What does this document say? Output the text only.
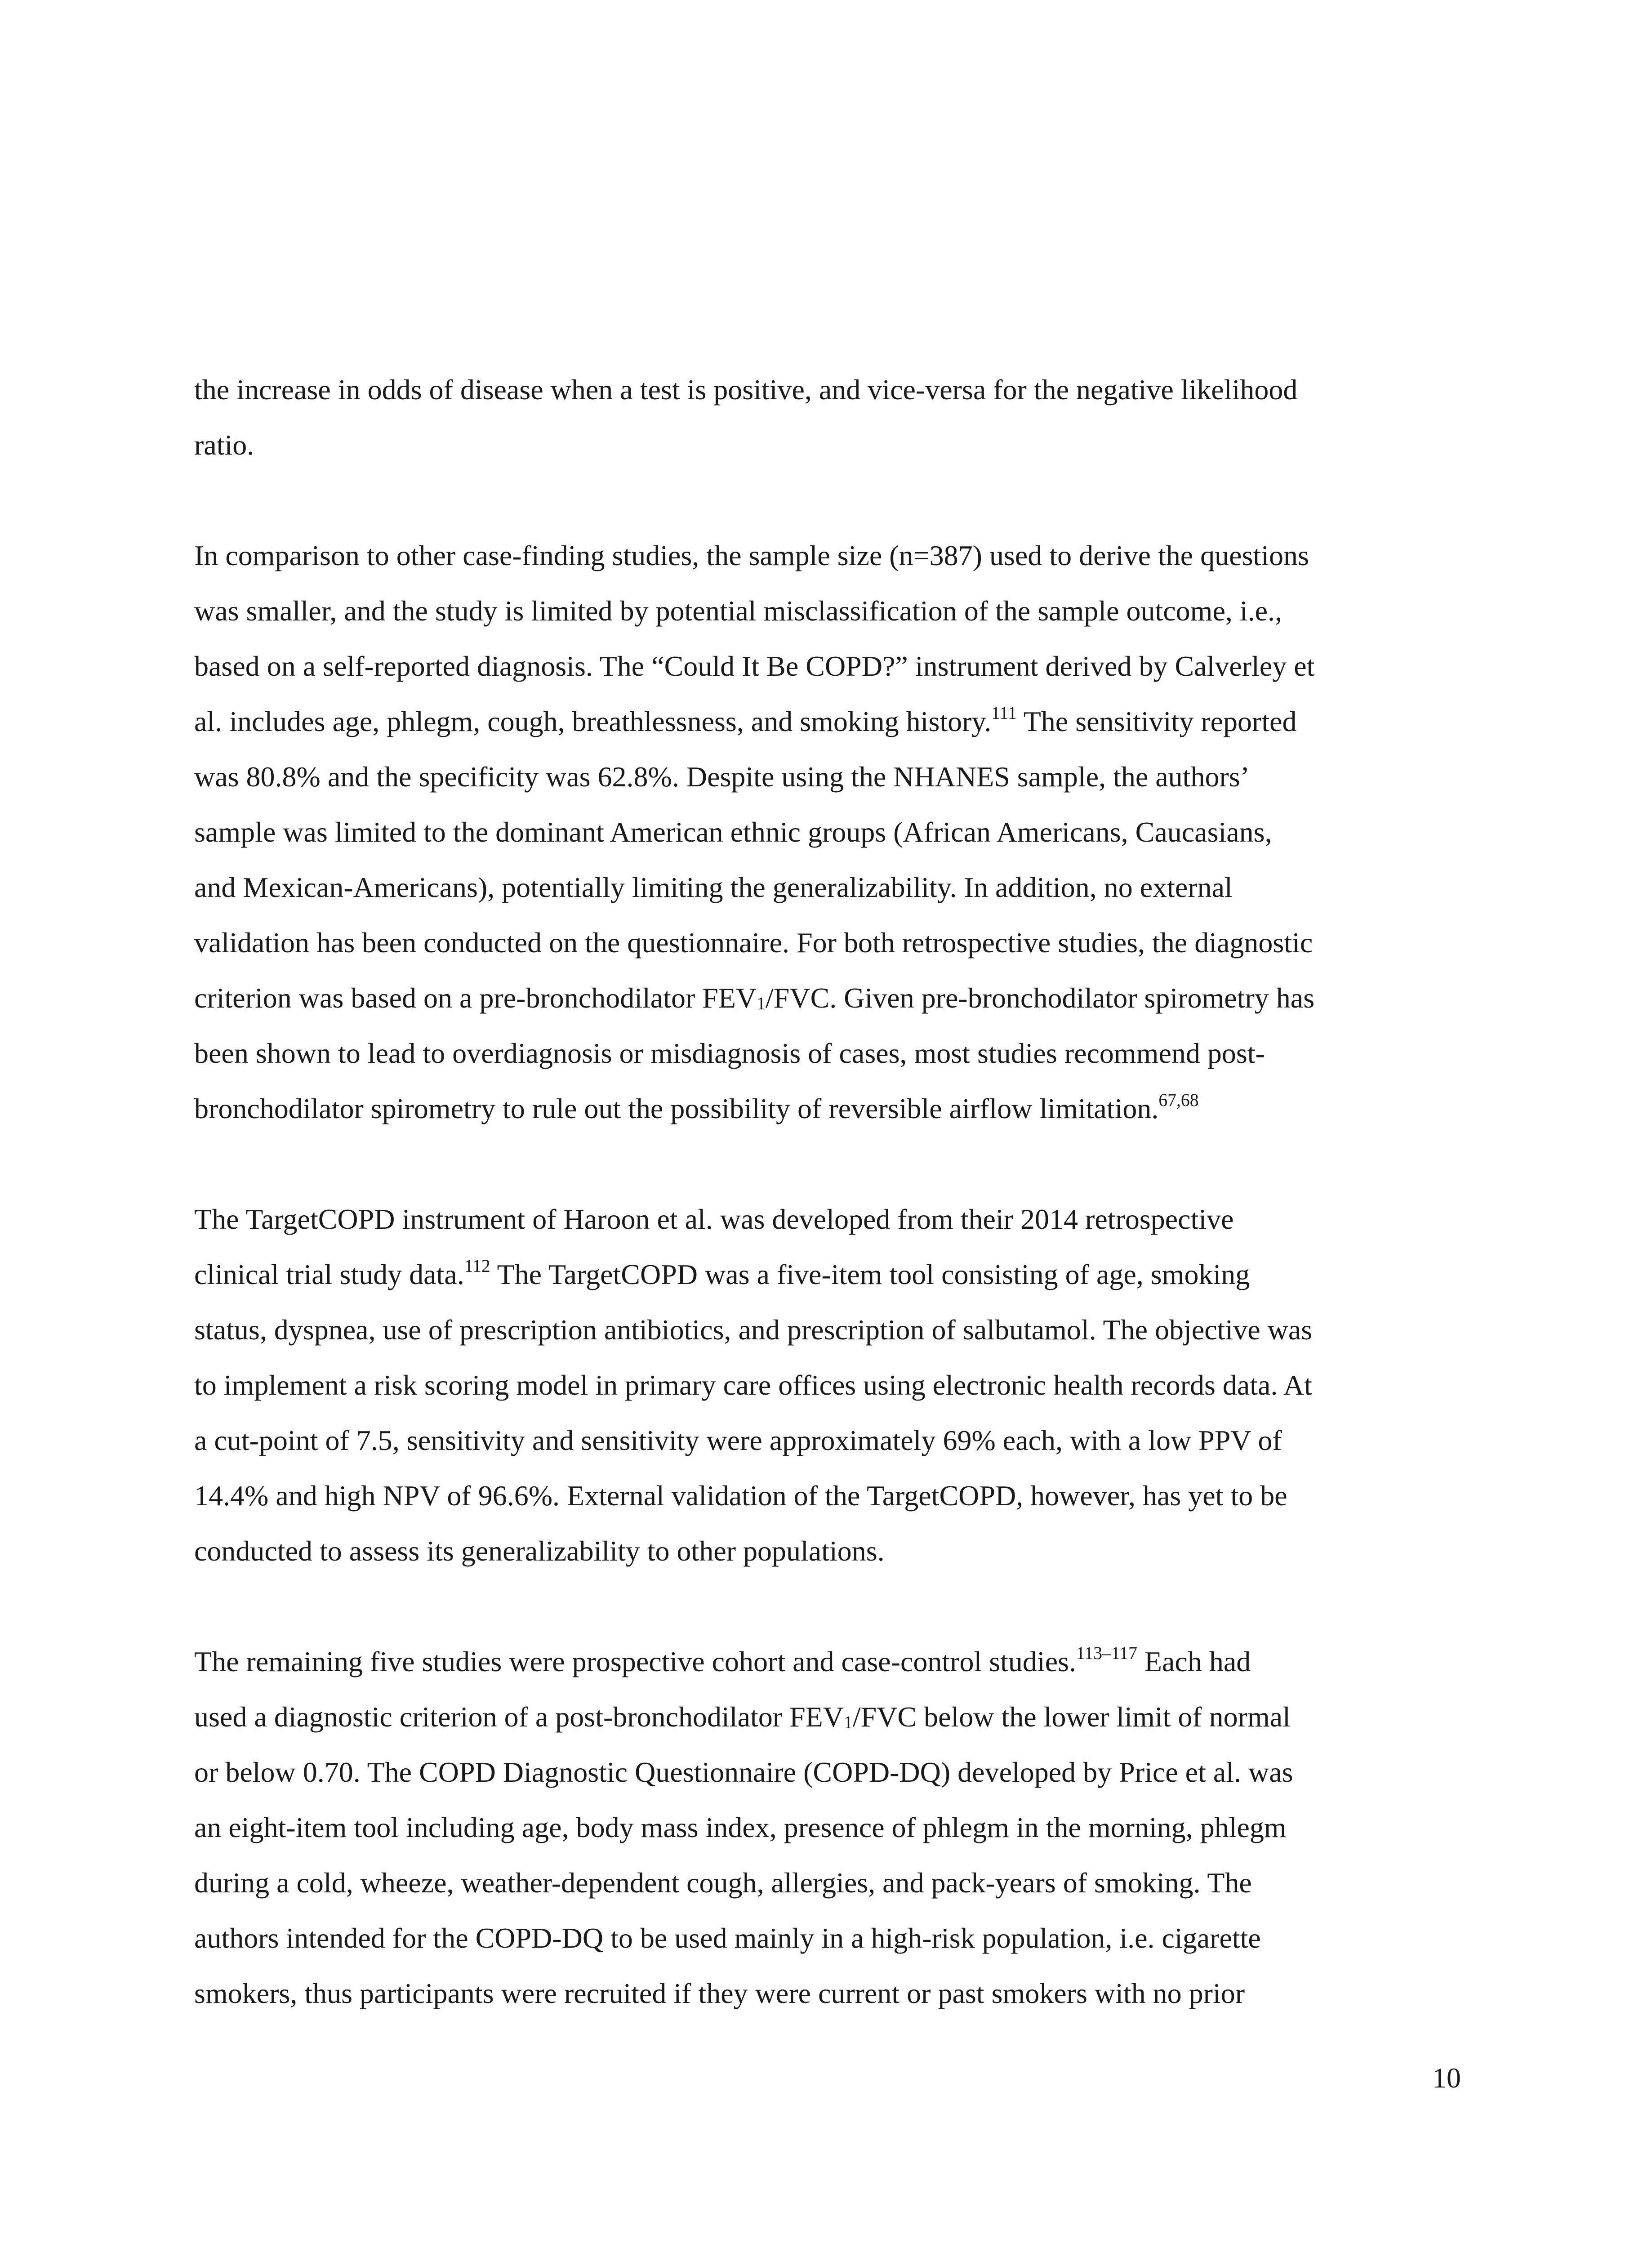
the increase in odds of disease when a test is positive, and vice-versa for the negative likelihood
ratio.

In comparison to other case-finding studies, the sample size (n=387) used to derive the questions
was smaller, and the study is limited by potential misclassification of the sample outcome, i.e.,
based on a self-reported diagnosis. The “Could It Be COPD?” instrument derived by Calverley et
al. includes age, phlegm, cough, breathlessness, and smoking history.$^{111}$ The sensitivity reported
was 80.8% and the specificity was 62.8%. Despite using the NHANES sample, the authors’
sample was limited to the dominant American ethnic groups (African Americans, Caucasians,
and Mexican-Americans), potentially limiting the generalizability. In addition, no external
validation has been conducted on the questionnaire. For both retrospective studies, the diagnostic
criterion was based on a pre-bronchodilator $FEV_1$/FVC. Given pre-bronchodilator spirometry has
been shown to lead to overdiagnosis or misdiagnosis of cases, most studies recommend post-
bronchodilator spirometry to rule out the possibility of reversible airflow limitation.$^{67,68}$

The TargetCOPD instrument of Haroon et al. was developed from their 2014 retrospective
clinical trial study data.$^{112}$ The TargetCOPD was a five-item tool consisting of age, smoking
status, dyspnea, use of prescription antibiotics, and prescription of salbutamol. The objective was
to implement a risk scoring model in primary care offices using electronic health records data. At
a cut-point of 7.5, sensitivity and sensitivity were approximately 69% each, with a low PPV of
14.4% and high NPV of 96.6%. External validation of the TargetCOPD, however, has yet to be
conducted to assess its generalizability to other populations.

The remaining five studies were prospective cohort and case-control studies.$^{113-117}$ Each had
used a diagnostic criterion of a post-bronchodilator $FEV_1$/FVC below the lower limit of normal
or below 0.70. The COPD Diagnostic Questionnaire (COPD-DQ) developed by Price et al. was
an eight-item tool including age, body mass index, presence of phlegm in the morning, phlegm
during a cold, wheeze, weather-dependent cough, allergies, and pack-years of smoking. The
authors intended for the COPD-DQ to be used mainly in a high-risk population, i.e. cigarette
smokers, thus participants were recruited if they were current or past smokers with no prior

10
